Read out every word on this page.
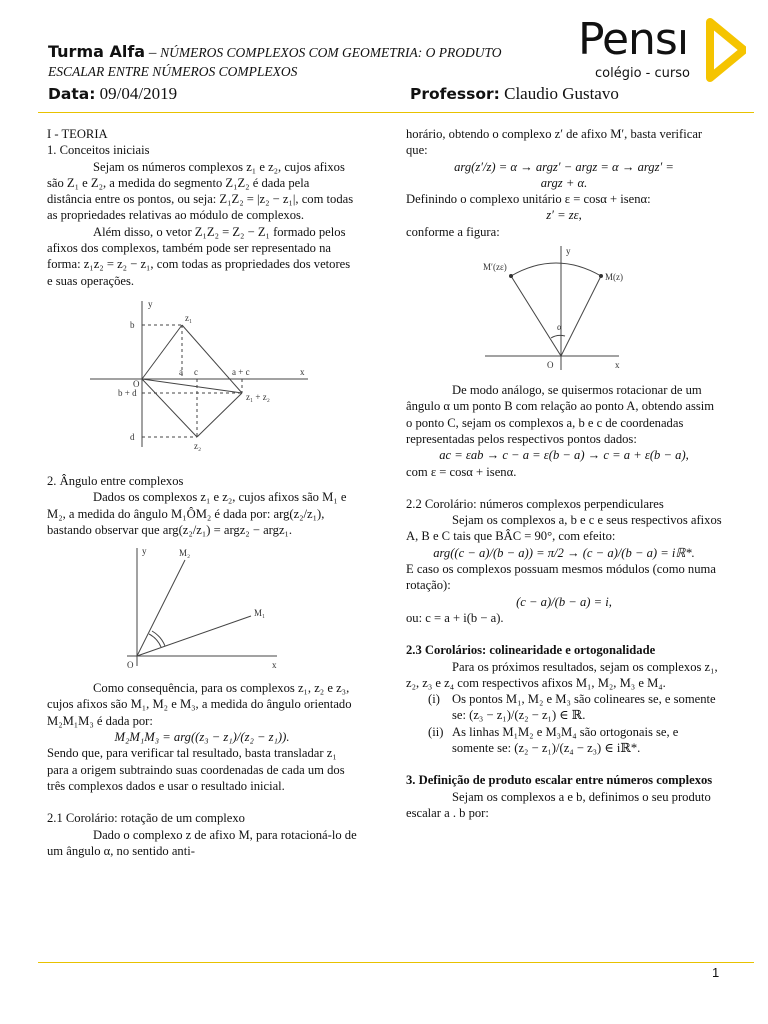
Turma Alfa – NÚMEROS COMPLEXOS COM GEOMETRIA: O PRODUTO
ESCALAR ENTRE NÚMEROS COMPLEXOS
Data: 09/04/2019	Professor: Claudio Gustavo
Pensı
colégio - curso

I - TEORIA

1. Conceitos iniciais

Sejam os números complexos z₁ e z₂, cujos afixos são Z₁ e Z₂, a medida do segmento Z₁Z₂ é dada pela distância entre os pontos, ou seja: Z₁Z₂ = |z₂ − z₁|, com todas as propriedades relativas ao módulo de complexos.

Além disso, o vetor Z₁Z₂ = Z₂ − Z₁ formado pelos afixos dos complexos, também pode ser representado na forma: z₁z₂ = z₂ − z₁, com todas as propriedades dos vetores e suas operações.

y
x
b
z₁
a c	a + c
b + d
O
d
z₁ + z₂
z₂

2. Ângulo entre complexos

Dados os complexos z₁ e z₂, cujos afixos são M₁ e M₂, a medida do ângulo M₁ÔM₂ é dada por: arg(z₂/z₁), bastando observar que arg(z₂/z₁) = argz₂ − argz₁.

y
x
M₂
M₁
O

Como consequência, para os complexos z₁, z₂ e z₃, cujos afixos são M₁, M₂ e M₃, a medida do ângulo orientado M₂M₁M₃ é dada por:

M₂M₁M₃ = arg((z₃ − z₁)/(z₂ − z₁)).

Sendo que, para verificar tal resultado, basta transladar z₁ para a origem subtraindo suas coordenadas de cada um dos três complexos dados e usar o resultado inicial.

2.1 Corolário: rotação de um complexo

Dado o complexo z de afixo M, para rotacioná-lo de um ângulo α, no sentido anti-

horário, obtendo o complexo z′ de afixo M′, basta verificar que:

arg(z′/z) = α → argz′ − argz = α → argz′ =

argz + α.

Definindo o complexo unitário ε = cosα + isenα:

z′ = zε,

conforme a figura:

y
x
M′(zε)
M(z)
α
O

De modo análogo, se quisermos rotacionar de um ângulo α um ponto B com relação ao ponto A, obtendo assim o ponto C, sejam os complexos a, b e c de coordenadas representadas pelos respectivos pontos dados:

ac = εab → c − a = ε(b − a) → c = a + ε(b − a),

com ε = cosα + isenα.

2.2 Corolário: números complexos perpendiculares

Sejam os complexos a, b e c e seus respectivos afixos A, B e C tais que BÂC = 90°, com efeito:

arg((c − a)/(b − a)) = π/2 → (c − a)/(b − a) = iℝ*.

E caso os complexos possuam mesmos módulos (como numa rotação):

(c − a)/(b − a) = i,

ou: c = a + i(b − a).

2.3 Corolários: colinearidade e ortogonalidade

Para os próximos resultados, sejam os complexos z₁, z₂, z₃ e z₄ com respectivos afixos M₁, M₂, M₃ e M₄.

(i) Os pontos M₁, M₂ e M₃ são colineares se, e somente se: (z₃ − z₁)/(z₂ − z₁) ∈ ℝ.
(ii) As linhas M₁M₂ e M₃M₄ são ortogonais se, e somente se: (z₂ − z₁)/(z₄ − z₃) ∈ iℝ*.

3. Definição de produto escalar entre números complexos

Sejam os complexos a e b, definimos o seu produto escalar a . b por:

1
